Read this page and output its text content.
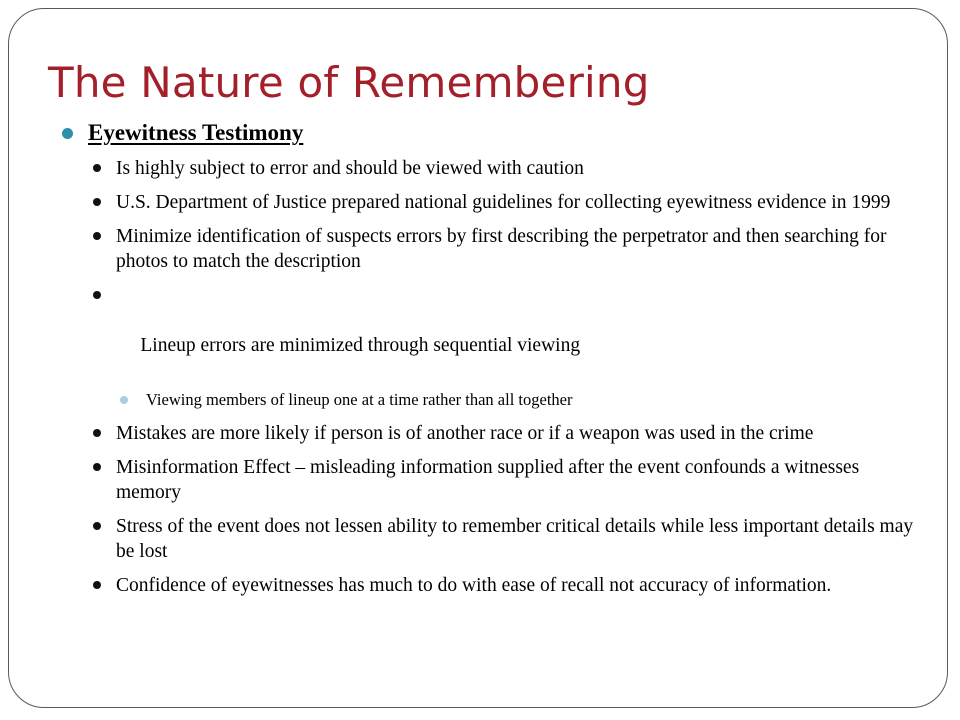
The Nature of Remembering
Eyewitness Testimony
Is highly subject to error and should be viewed with caution
U.S. Department of Justice prepared national guidelines for collecting eyewitness evidence in 1999
Minimize identification of suspects errors by first describing the perpetrator and then searching for photos to match the description

Lineup errors are minimized through sequential viewing

Viewing members of lineup one at a time rather than all together
Mistakes are more likely if person is of another race or if a weapon was used in the crime
Misinformation Effect – misleading information supplied after the event confounds a witnesses memory
Stress of the event does not lessen ability to remember critical details while less important details may be lost
Confidence of eyewitnesses has much to do with ease of recall not accuracy of information.
